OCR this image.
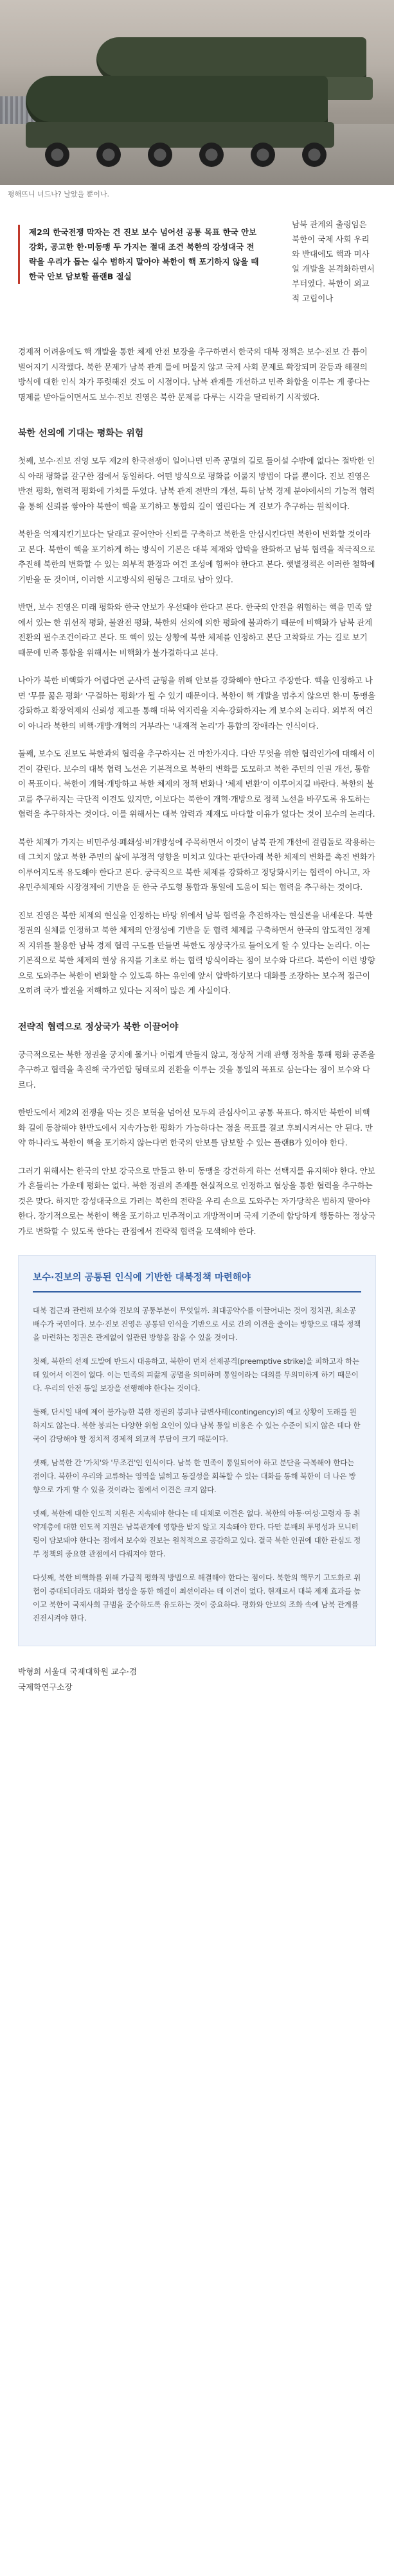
평해뜨니 너드나? 날았을 뿐이나.
제2의 한국전쟁 막자는 건 진보 보수 넘어선 공통 목표 한국 안보 강화, 공고한 한·미동맹 두 가지는 절대 조건 북한의 강성대국 전략을 우리가 돕는 실수 범하지 말아야 북한이 핵 포기하지 않을 때 한국 안보 담보할 플랜B 절실
남북 관계의 출렁임은 북한이 국제 사회 우리와 반대에도 핵과 미사일 개발을 본격화하면서부터였다. 북한이 외교적 고립이나

경제적 어려움에도 핵 개발을 통한 체제 안전 보장을 추구하면서 한국의 대북 정책은 보수·진보 간 틈이 벌어지기 시작했다. 북한 문제가 남북 관계 틀에 머물지 않고 국제 사회 문제로 확장되며 갈등과 해결의 방식에 대한 인식 차가 뚜렷해진 것도 이 시점이다. 남북 관계를 개선하고 민족 화합을 이루는 게 좋다는 명제를 받아들이면서도 보수·진보 진영은 북한 문제를 다루는 시각을 달리하기 시작했다.

북한 선의에 기대는 평화는 위험

첫째, 보수·진보 진영 모두 제2의 한국전쟁이 일어나면 민족 공멸의 길로 들어설 수밖에 없다는 절박한 인식 아래 평화를 갈구한 점에서 동일하다. 어떤 방식으로 평화를 이룰지 방법이 다를 뿐이다. 진보 진영은 반전 평화, 협력적 평화에 가치를 두었다. 남북 관계 전반의 개선, 특히 남북 경제 분야에서의 기능적 협력을 통해 신뢰를 쌓아야 북한이 핵을 포기하고 통합의 길이 열린다는 게 진보가 추구하는 원칙이다.

북한을 억제지킨기보다는 달래고 끌어안아 신뢰를 구축하고 북한을 안심시킨다면 북한이 변화할 것이라고 본다. 북한이 핵을 포기하게 하는 방식이 기본은 대북 제재와 압박을 완화하고 남북 협력을 적극적으로 추진해 북한의 변화할 수 있는 외부적 환경과 여건 조성에 힘써야 한다고 본다. 햇볕정책은 이러한 철학에 기반을 둔 것이며, 이러한 시고방식의 원형은 그대로 남아 있다.

반면, 보수 진영은 미래 평화와 한국 안보가 우선돼야 한다고 본다. 한국의 안전을 위협하는 핵을 민족 앞에서 있는 한 위선적 평화, 불완전 평화, 북한의 선의에 의한 평화에 불과하기 때문에 비핵화가 남북 관계 전환의 필수조건이라고 본다. 또 핵이 있는 상황에 북한 체제를 인정하고 본단 고착화로 가는 길로 보기 때문에 민족 통합을 위해서는 비핵화가 불가결하다고 본다.

나아가 북한 비핵화가 어렵다면 군사력 균형을 위해 안보를 강화해야 한다고 주장한다. 핵을 인정하고 나면 '무릎 꿇은 평화' '구걸하는 평화'가 될 수 있기 때문이다. 북한이 핵 개발을 멈추지 않으면 한·미 동맹을 강화하고 확장억제의 신뢰성 제고를 통해 대북 억지력을 지속·강화하지는 게 보수의 논리다. 외부적 여건이 아니라 북한의 비핵·개방·개혁의 거부라는 '내재적 논리'가 통합의 장애라는 인식이다.

둘째, 보수도 진보도 북한과의 협력을 추구하지는 건 마찬가지다. 다만 무엇을 위한 협력인가에 대해서 이견이 갈린다. 보수의 대북 협력 노선은 기본적으로 북한의 변화를 도모하고 북한 주민의 인권 개선, 통합이 목표이다. 북한이 개혁·개방하고 북한 체제의 정책 변화나 '체제 변환'이 이루어지길 바란다. 북한의 불고를 추구하지는 극단적 이견도 있지만, 이보다는 북한이 개혁·개방으로 정책 노선을 바꾸도록 유도하는 협력을 추구하자는 것이다. 이를 위해서는 대북 압력과 제재도 마다할 이유가 없다는 것이 보수의 논리다.

북한 체제가 가지는 비민주성·폐쇄성·비개방성에 주목하면서 이것이 남북 관계 개선에 걸림돌로 작용하는 데 그치지 않고 북한 주민의 삶에 부정적 영향을 미치고 있다는 판단아래 북한 체제의 변화를 촉진 변화가 이루어지도록 유도해야 한다고 본다. 궁극적으로 북한 체제를 강화하고 정당화시키는 협력이 아니고, 자유민주체제와 시장경제에 기반을 둔 한국 주도형 통합과 통일에 도움이 되는 협력을 추구하는 것이다.

진보 진영은 북한 체제의 현실을 인정하는 바탕 위에서 남북 협력을 추진하자는 현실론을 내세운다. 북한 정권의 실체를 인정하고 북한 체제의 안정성에 기반을 둔 협력 체제를 구축하면서 한국의 압도적인 경제적 지위를 활용한 남북 경제 협력 구도를 만들면 북한도 정상국가로 들어오게 할 수 있다는 논리다. 이는 기본적으로 북한 체제의 현상 유지를 기초로 하는 협력 방식이라는 점이 보수와 다르다. 북한이 이런 방향으로 도와주는 북한이 변화할 수 있도록 하는 유인에 앞서 압박하기보다 대화를 조장하는 보수적 접근이 오히려 국가 발전을 저해하고 있다는 지적이 많은 게 사실이다.

전략적 협력으로 정상국가 북한 이끌어야

궁극적으로는 북한 정권을 궁지에 몰거나 어렵게 만들지 않고, 정상적 거래 관행 정착을 통해 평화 공존을 추구하고 협력을 촉진해 국가연합 형태로의 전환을 이루는 것을 통일의 목표로 삼는다는 점이 보수와 다르다.

한반도에서 제2의 전쟁을 막는 것은 보혁을 넘어선 모두의 관심사이고 공통 목표다. 하지만 북한이 비핵화 길에 동참해야 한반도에서 지속가능한 평화가 가능하다는 점을 목표를 결코 후퇴시켜서는 안 된다. 만약 하나라도 북한이 핵을 포기하지 않는다면 한국의 안보를 담보할 수 있는 플랜B가 있어야 한다.

그러기 위해서는 한국의 안보 강국으로 만들고 한·미 동맹을 강건하게 하는 선택지를 유지해야 한다. 안보가 흔들리는 가운데 평화는 없다. 북한 정권의 존재를 현실적으로 인정하고 협상을 통한 협력을 추구하는 것은 맞다. 하지만 강성대국으로 가려는 북한의 전략을 우리 손으로 도와주는 자가당착은 범하지 말아야 한다. 장기적으로는 북한이 핵을 포기하고 민주적이고 개방적이며 국제 기준에 합당하게 행동하는 정상국가로 변화할 수 있도록 한다는 관점에서 전략적 협력을 모색해야 한다.

보수·진보의 공통된 인식에 기반한 대북정책 마련해야

대북 접근과 관련해 보수와 진보의 공통부분이 무엇일까. 최대공약수를 이끌어내는 것이 정치권, 최소공배수가 국민이다. 보수·진보 진영은 공통된 인식을 기반으로 서로 간의 이견을 줄이는 방향으로 대북 정책을 마련하는 정권은 관계없이 일관된 방향을 잡을 수 있을 것이다.

첫째, 북한의 선제 도발에 반드시 대응하고, 북한이 먼저 선제공격(preemptive strike)을 피하고자 하는 데 있어서 이견이 없다. 이는 민족의 피끓게 공멸을 의미하며 통일이라는 대의를 무의미하게 하기 때문이다. 우리의 안전 통일 보장을 선행해야 한다는 것이다.

둘째, 단시일 내에 제어 불가능한 북한 정권의 붕괴나 급변사태(contingency)의 예고 상황이 도래를 원하지도 않는다. 북한 붕괴는 다양한 위험 요인이 있다 남북 통일 비용은 수 있는 수준이 되지 않은 데다 한국이 감당해야 할 정치적 경제적 외교적 부담이 크기 때문이다.

셋째, 남북한 간 '가치'와 '무조건'인 인식이다. 남북 한 민족이 통일되어야 하고 분단을 극복해야 한다는 점이다. 북한이 우리와 교류하는 영역을 넓히고 동질성을 회복할 수 있는 대화를 통해 북한이 더 나은 방향으로 가게 할 수 있을 것이라는 점에서 이견은 크지 않다.

넷째, 북한에 대한 인도적 지원은 지속돼야 한다는 데 대체로 이견은 없다. 북한의 아동·여성·고령자 등 취약계층에 대한 인도적 지원은 남북관계에 영향을 받지 않고 지속돼야 한다. 다만 분배의 투명성과 모니터링이 담보돼야 한다는 점에서 보수와 진보는 원칙적으로 공감하고 있다. 결국 북한 인권에 대한 관심도 정부 정책의 중요한 관점에서 다뤄져야 한다.

다섯째, 북한 비핵화를 위해 가급적 평화적 방법으로 해결해야 한다는 점이다. 북한의 핵무기 고도화로 위협이 증대되더라도 대화와 협상을 통한 해결이 최선이라는 데 이견이 없다. 현재로서 대북 제재 효과를 높이고 북한이 국제사회 규범을 준수하도록 유도하는 것이 중요하다. 평화와 안보의 조화 속에 남북 관계를 진전시켜야 한다.

박형희 서울대 국제대학원 교수·겸
국제학연구소장
